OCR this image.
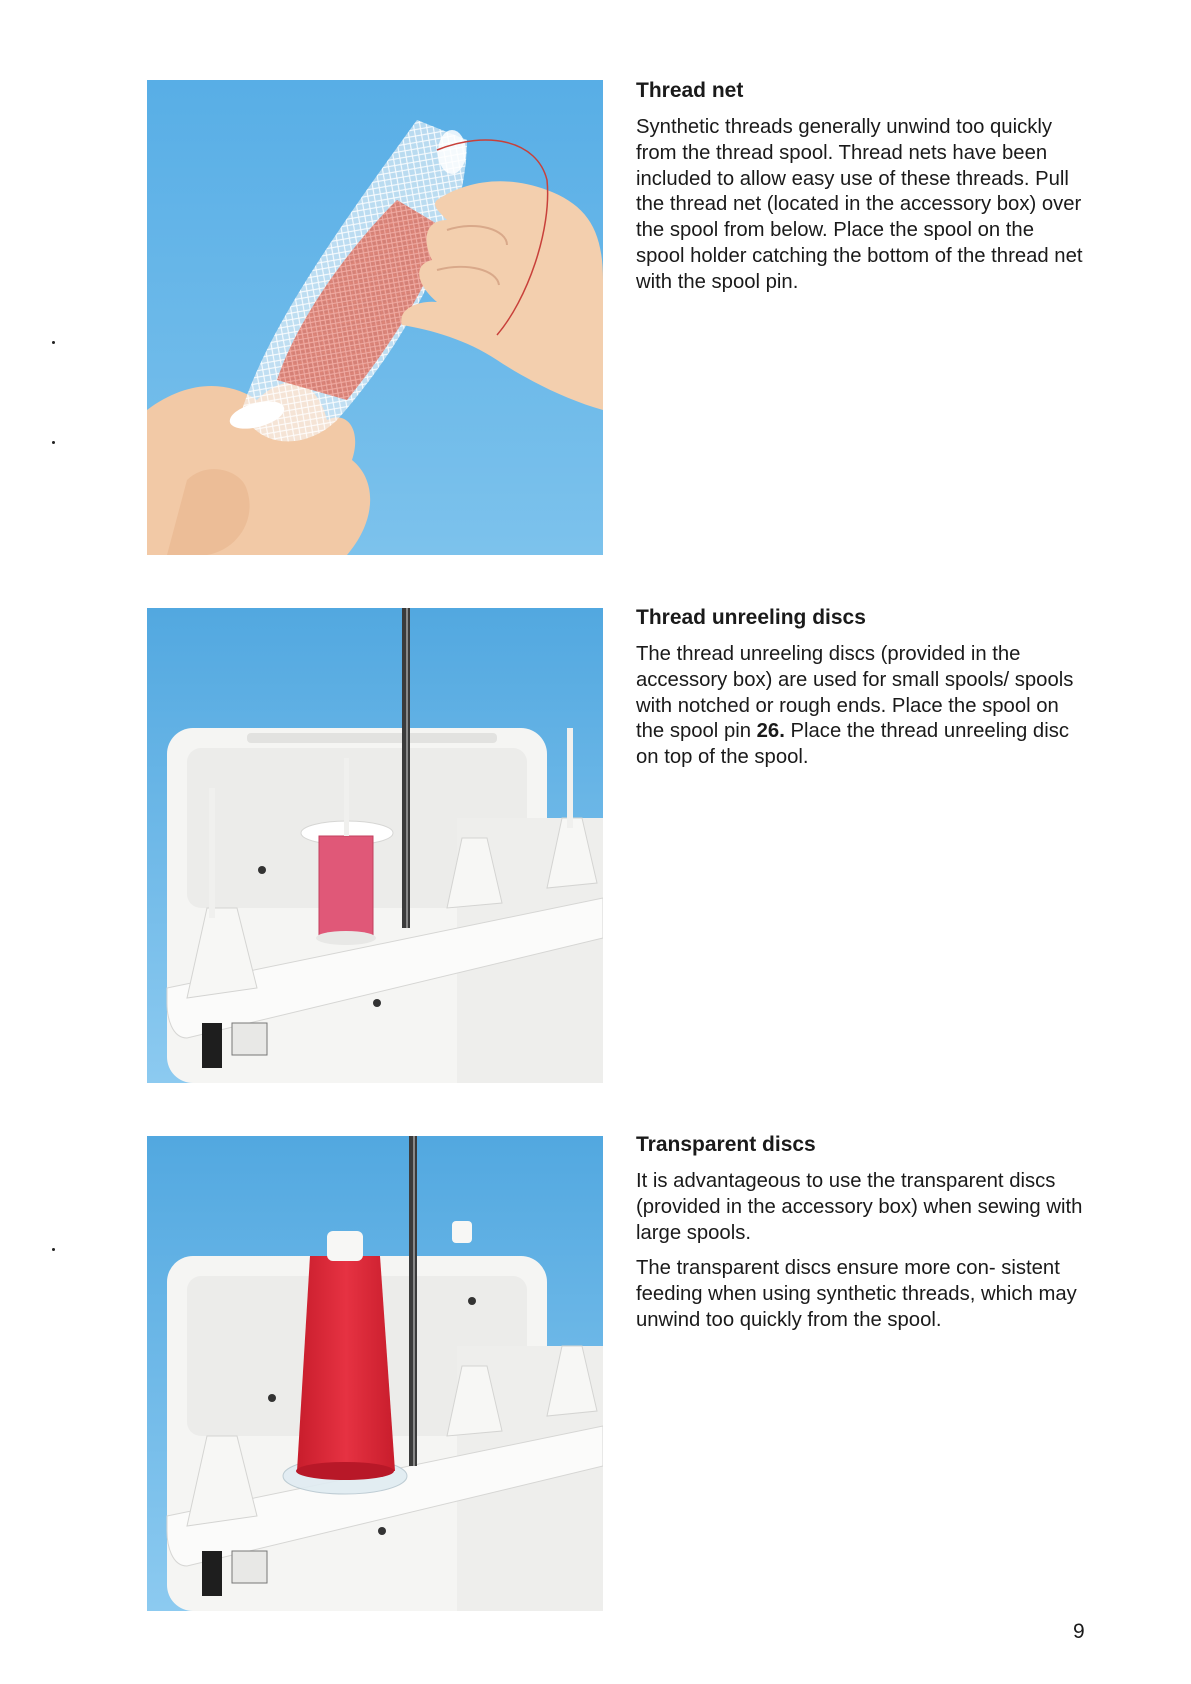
Thread net

Synthetic threads generally unwind too quickly from the thread spool. Thread nets have been included to allow easy use of these threads. Pull the thread net (located in the accessory box) over the spool from below. Place the spool on the spool holder catching the bottom of the thread net with the spool pin.

Thread unreeling discs

The thread unreeling discs (provided in the accessory box) are used for small spools/ spools with notched or rough ends. Place the spool on the spool pin 26. Place the thread unreeling disc on top of the spool.

Transparent discs

It is advantageous to use the transparent discs (provided in the accessory box) when sewing with large spools.

The transparent discs ensure more con- sistent feeding when using synthetic threads, which may unwind too quickly from the spool.

9
